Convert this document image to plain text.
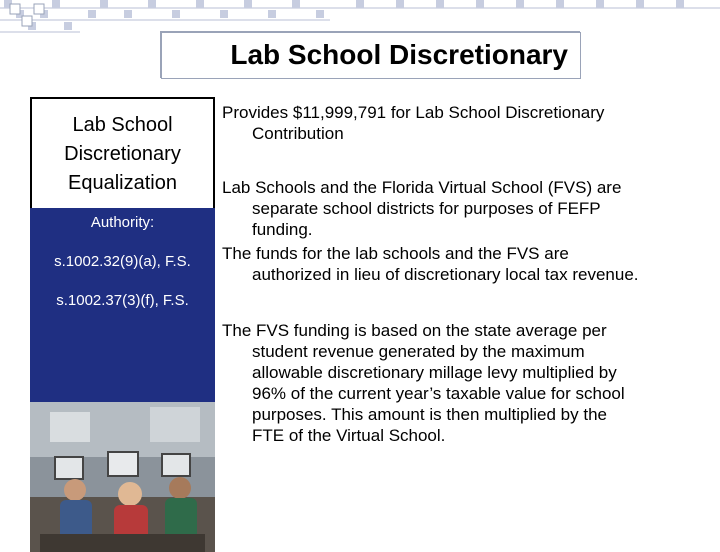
Lab School Discretionary
Lab School
Discretionary
Equalization
Authority:
s.1002.32(9)(a), F.S.
s.1002.37(3)(f), F.S.
Provides $11,999,791 for Lab School Discretionary
Contribution
Lab Schools and the Florida Virtual School (FVS) are
separate school districts for purposes of FEFP
funding.
The funds for the lab schools and the FVS are
authorized in lieu of discretionary local tax revenue.
The FVS funding is based on the state average per
student revenue generated by the maximum
allowable discretionary millage levy multiplied by
96% of the current year’s taxable value for school
purposes. This amount is then multiplied by the
FTE of the Virtual School.
